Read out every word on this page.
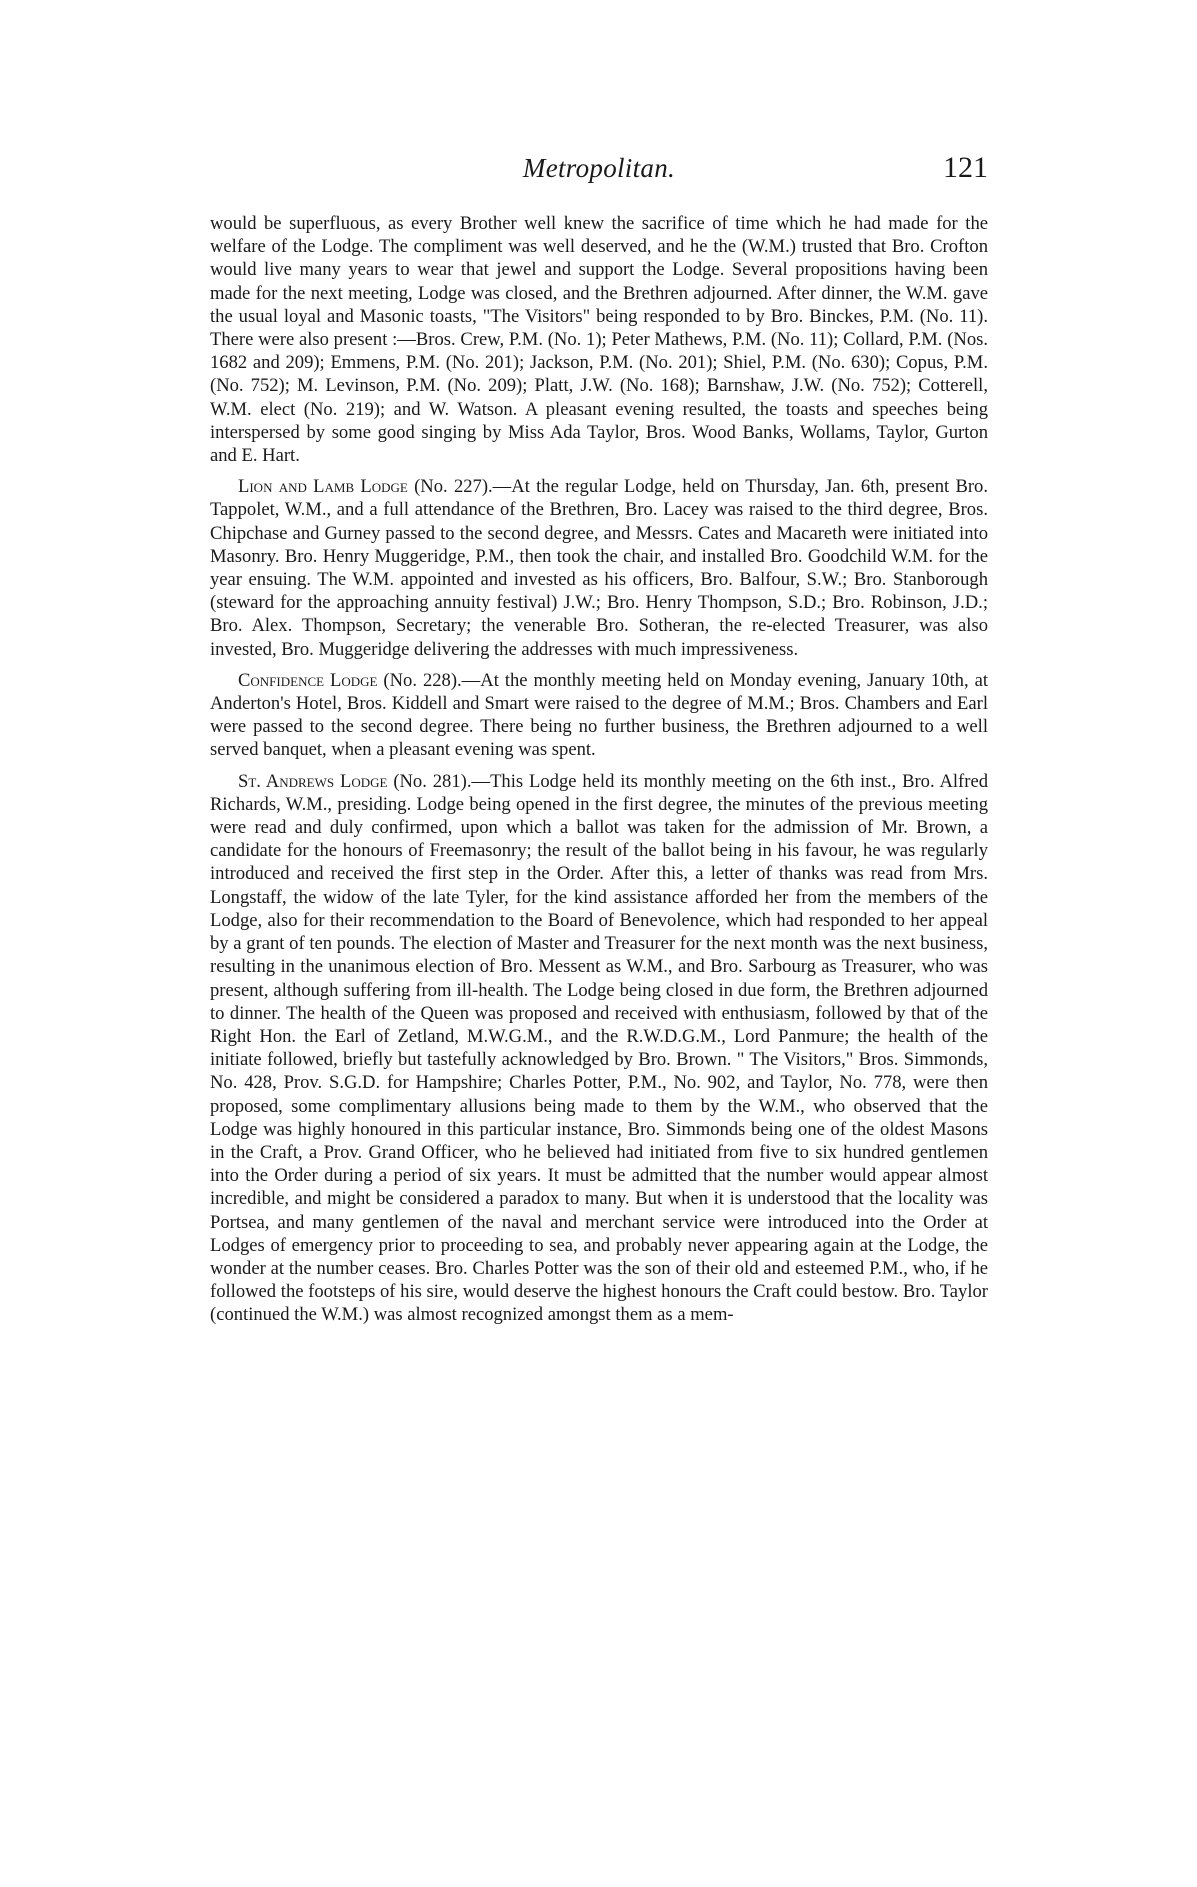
Metropolitan.	121

would be superfluous, as every Brother well knew the sacrifice of time which he had made for the welfare of the Lodge. The compliment was well deserved, and he the (W.M.) trusted that Bro. Crofton would live many years to wear that jewel and support the Lodge. Several propositions having been made for the next meeting, Lodge was closed, and the Brethren adjourned. After dinner, the W.M. gave the usual loyal and Masonic toasts, "The Visitors" being responded to by Bro. Binckes, P.M. (No. 11). There were also present :—Bros. Crew, P.M. (No. 1); Peter Mathews, P.M. (No. 11); Collard, P.M. (Nos. 1682 and 209); Emmens, P.M. (No. 201); Jackson, P.M. (No. 201); Shiel, P.M. (No. 630); Copus, P.M. (No. 752); M. Levinson, P.M. (No. 209); Platt, J.W. (No. 168); Barnshaw, J.W. (No. 752); Cotterell, W.M. elect (No. 219); and W. Watson. A pleasant evening resulted, the toasts and speeches being interspersed by some good singing by Miss Ada Taylor, Bros. Wood Banks, Wollams, Taylor, Gurton and E. Hart.

Lion and Lamb Lodge (No. 227).—At the regular Lodge, held on Thursday, Jan. 6th, present Bro. Tappolet, W.M., and a full attendance of the Brethren, Bro. Lacey was raised to the third degree, Bros. Chipchase and Gurney passed to the second degree, and Messrs. Cates and Macareth were initiated into Masonry. Bro. Henry Muggeridge, P.M., then took the chair, and installed Bro. Goodchild W.M. for the year ensuing. The W.M. appointed and invested as his officers, Bro. Balfour, S.W.; Bro. Stanborough (steward for the approaching annuity festival) J.W.; Bro. Henry Thompson, S.D.; Bro. Robinson, J.D.; Bro. Alex. Thompson, Secretary; the venerable Bro. Sotheran, the re-elected Treasurer, was also invested, Bro. Muggeridge delivering the addresses with much impressiveness.

Confidence Lodge (No. 228).—At the monthly meeting held on Monday evening, January 10th, at Anderton's Hotel, Bros. Kiddell and Smart were raised to the degree of M.M.; Bros. Chambers and Earl were passed to the second degree. There being no further business, the Brethren adjourned to a well served banquet, when a pleasant evening was spent.

St. Andrews Lodge (No. 281).—This Lodge held its monthly meeting on the 6th inst., Bro. Alfred Richards, W.M., presiding. Lodge being opened in the first degree, the minutes of the previous meeting were read and duly confirmed, upon which a ballot was taken for the admission of Mr. Brown, a candidate for the honours of Freemasonry; the result of the ballot being in his favour, he was regularly introduced and received the first step in the Order. After this, a letter of thanks was read from Mrs. Longstaff, the widow of the late Tyler, for the kind assistance afforded her from the members of the Lodge, also for their recommendation to the Board of Benevolence, which had responded to her appeal by a grant of ten pounds. The election of Master and Treasurer for the next month was the next business, resulting in the unanimous election of Bro. Messent as W.M., and Bro. Sarbourg as Treasurer, who was present, although suffering from ill-health. The Lodge being closed in due form, the Brethren adjourned to dinner. The health of the Queen was proposed and received with enthusiasm, followed by that of the Right Hon. the Earl of Zetland, M.W.G.M., and the R.W.D.G.M., Lord Panmure; the health of the initiate followed, briefly but tastefully acknowledged by Bro. Brown. " The Visitors," Bros. Simmonds, No. 428, Prov. S.G.D. for Hampshire; Charles Potter, P.M., No. 902, and Taylor, No. 778, were then proposed, some complimentary allusions being made to them by the W.M., who observed that the Lodge was highly honoured in this particular instance, Bro. Simmonds being one of the oldest Masons in the Craft, a Prov. Grand Officer, who he believed had initiated from five to six hundred gentlemen into the Order during a period of six years. It must be admitted that the number would appear almost incredible, and might be considered a paradox to many. But when it is understood that the locality was Portsea, and many gentlemen of the naval and merchant service were introduced into the Order at Lodges of emergency prior to proceeding to sea, and probably never appearing again at the Lodge, the wonder at the number ceases. Bro. Charles Potter was the son of their old and esteemed P.M., who, if he followed the footsteps of his sire, would deserve the highest honours the Craft could bestow. Bro. Taylor (continued the W.M.) was almost recognized amongst them as a mem-
